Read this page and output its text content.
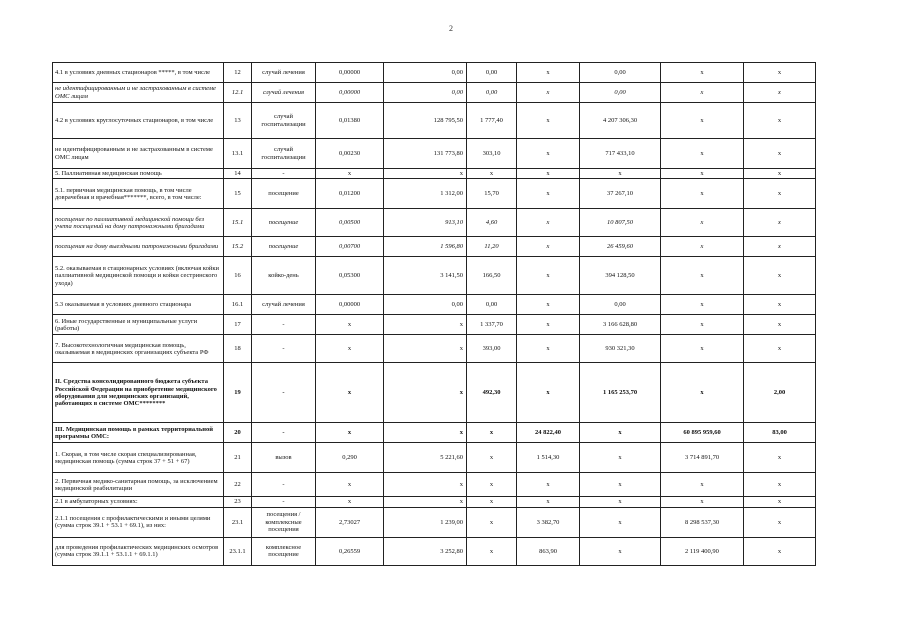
2
4.1 в условиях дневных стационаров *****, в том числе	12	случай лечения	0,00000	0,00	0,00	x	0,00	x	x
не идентифицированным и не застрахованным в системе ОМС лицам	12.1	случай лечения	0,00000	0,00	0,00	x	0,00	x	x
4.2 в условиях круглосуточных стационаров, в том числе	13	случай госпитализации	0,01380	128 795,50	1 777,40	x	4 207 306,30	x	x
не идентифицированным и не застрахованным в системе ОМС лицам	13.1	случай госпитализации	0,00230	131 773,80	303,10	x	717 433,10	x	x
5. Паллиативная медицинская помощь	14	-	x	x	x	x	x	x	x
5.1. первичная медицинская помощь, в том числе доврачебная и врачебная*******, всего, в том числе:	15	посещение	0,01200	1 312,00	15,70	x	37 267,10	x	x
посещение по паллиативной медицинской помощи без учета посещений на дому патронажными бригадами	15.1	посещение	0,00500	913,10	4,60	x	10 807,50	x	x
посещения на дому выездными патронажными бригадами	15.2	посещение	0,00700	1 596,80	11,20	x	26 459,60	x	x
5.2. оказываемая в стационарных условиях (включая койки паллиативной медицинской помощи и койки сестринского ухода)	16	койко-день	0,05300	3 141,50	166,50	x	394 128,50	x	x
5.3 оказываемая в условиях дневного стационара	16.1	случай лечения	0,00000	0,00	0,00	x	0,00	x	x
6. Иные государственные и муниципальные услуги (работы)	17	-	x	x	1 337,70	x	3 166 628,80	x	x
7. Высокотехнологичная медицинская помощь, оказываемая в медицинских организациях субъекта РФ	18	-	x	x	393,00	x	930 321,30	x	x
II. Средства консолидированного бюджета субъекта Российской Федерации на приобретение медицинского оборудования для медицинских организаций, работающих в системе ОМС********	19	-	x	x	492,30	x	1 165 253,70	x	2,00
III. Медицинская помощь в рамках территориальной программы ОМС:	20	-	x	x	x	24 822,40	x	60 895 959,60	83,00
1. Скорая, в том числе скорая специализированная, медицинская помощь (сумма строк 37 + 51 + 67)	21	вызов	0,290	5 221,60	x	1 514,30	x	3 714 891,70	x
2. Первичная медико-санитарная помощь, за исключением медицинской реабилитации	22	-	x	x	x	x	x	x	x
2.1 в амбулаторных условиях:	23	-	x	x	x	x	x	x	x
2.1.1 посещения с профилактическими и иными целями (сумма строк 39.1 + 53.1 + 69.1), из них:	23.1	посещения / комплексные посещения	2,73027	1 239,00	x	3 382,70	x	8 298 537,30	x
для проведения профилактических медицинских осмотров (сумма строк 39.1.1 + 53.1.1 + 69.1.1)	23.1.1	комплексное посещение	0,26559	3 252,80	x	863,90	x	2 119 400,90	x
